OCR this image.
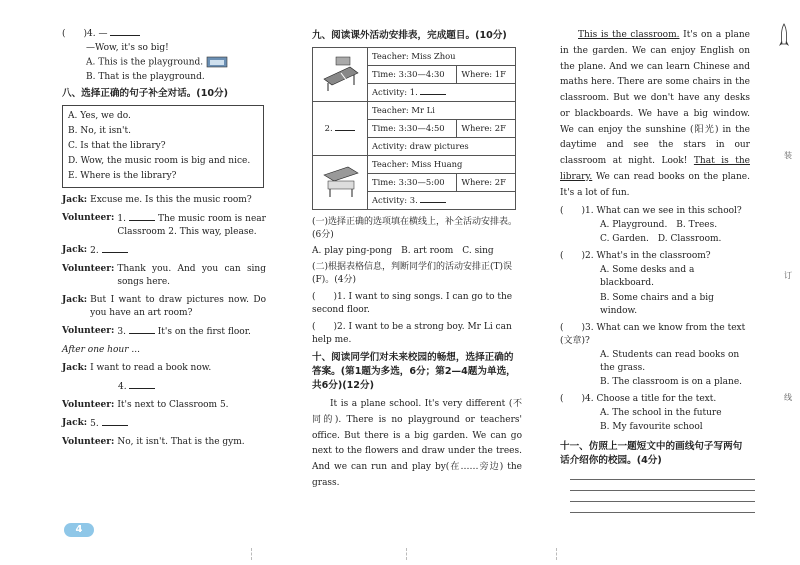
(　　)4. —
—Wow, it's so big!
A. This is the playground.
B. That is the playground.
八、选择正确的句子补全对话。(10分)
A. Yes, we do.
B. No, it isn't.
C. Is that the library?
D. Wow, the music room is big and nice.
E. Where is the library?
Jack: Excuse me. Is this the music room?
Volunteer: 1.	The music room is near Classroom 2. This way, please.
Jack: 2.
Volunteer: Thank you. And you can sing songs here.
Jack: But I want to draw pictures now. Do you have an art room?
Volunteer: 3.	It's on the first floor.
After one hour ...
Jack: I want to read a book now.
4.
Volunteer: It's next to Classroom 5.
Jack: 5.
Volunteer: No, it isn't. That is the gym.
4
九、阅读课外活动安排表，完成题目。(10分)
	Teacher: Miss Zhou	
	Time: 3:30—4:30	Where: 1F
	Activity: 1.	
2.	Teacher: Mr Li	
	Time: 3:30—4:50	Where: 2F
	Activity: draw pictures	
	Teacher: Miss Huang	
	Time: 3:30—5:00	Where: 2F
	Activity: 3.	
(一)选择正确的选项填在横线上，补全活动安排表。(6分)
A. play ping-pong　B. art room　C. sing
(二)根据表格信息，判断同学们的活动安排正(T)误(F)。(4分)
(　　)1. I want to sing songs. I can go to the second floor.
(　　)2. I want to be a strong boy. Mr Li can help me.
十、阅读同学们对未来校园的畅想，选择正确的答案。(第1题为多选，6分；第2—4题为单选，共6分)(12分)
It is a plane school. It's very different (不同的). There is no playground or teachers' office. But there is a big garden. We can go next to the flowers and draw under the trees. And we can run and play by(在……旁边) the grass.
This is the classroom. It's on a plane in the garden. We can enjoy English on the plane. And we can learn Chinese and maths here. There are some chairs in the classroom. But we don't have any desks or blackboards. We have a big window. We can enjoy the sunshine (阳光) in the daytime and see the stars in our classroom at night. Look! That is the library. We can read books on the plane. It's a lot of fun.
(　　)1. What can we see in this school?
A. Playground.　B. Trees.
C. Garden.　D. Classroom.
(　　)2. What's in the classroom?
A. Some desks and a blackboard.
B. Some chairs and a big window.
(　　)3. What can we know from the text (文章)?
A. Students can read books on the grass.
B. The classroom is on a plane.
(　　)4. Choose a title for the text.
A. The school in the future
B. My favourite school
十一、仿照上一题短文中的画线句子写两句话介绍你的校园。(4分)
装
订
线
